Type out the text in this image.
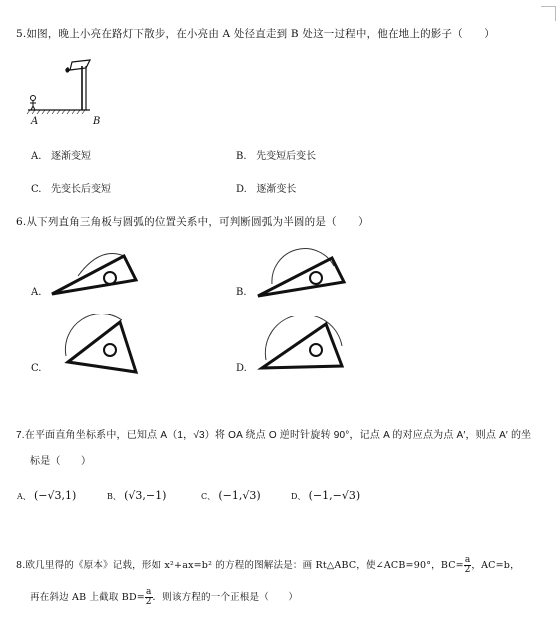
5.如图，晚上小亮在路灯下散步，在小亮由 A 处径直走到 B 处这一过程中，他在地上的影子（　　）
A	B
A. 逐渐变短	B. 先变短后变长
C. 先变长后变短	D. 逐渐变长
6.从下列直角三角板与圆弧的位置关系中，可判断圆弧为半圆的是（　　）
A.	B.
C.	D.
7.在平面直角坐标系中，已知点 A（1，√3）将 OA 绕点 O 逆时针旋转 90°，记点 A 的对应点为点 A′，则点 A′ 的坐
标是（　　）
A、 (−√3,1)	B、 (√3,−1)	C、 (−1,√3)	D、 (−1,−√3)
8.欧几里得的《原本》记载，形如 x²+ax=b² 的方程的图解法是：画 Rt△ABC，使∠ACB=90°，$BC= \frac{a}{2}$ ，AC=b，
再在斜边 AB 上截取 $BD= \frac{a}{2}$ ．则该方程的一个正根是（　　）
